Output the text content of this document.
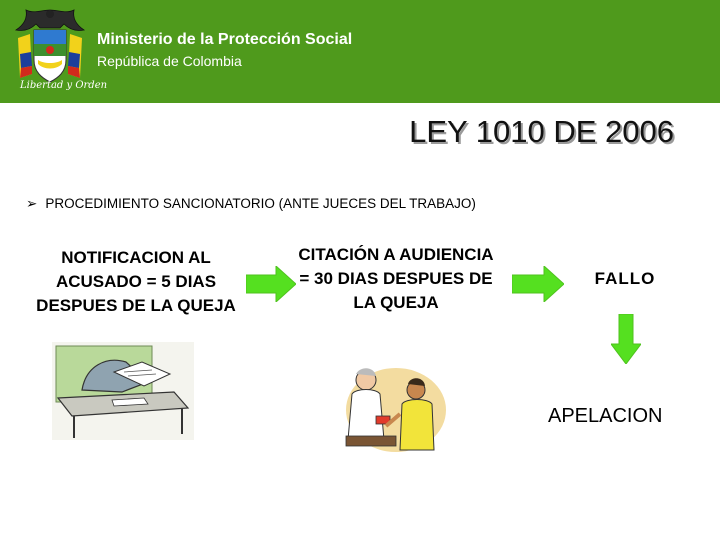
Libertad y Orden
Ministerio de la Protección Social
República de Colombia
LEY 1010 DE 2006
➢ PROCEDIMIENTO SANCIONATORIO (ANTE JUECES DEL TRABAJO)
NOTIFICACION AL ACUSADO = 5 DIAS DESPUES DE LA QUEJA
CITACIÓN A AUDIENCIA = 30 DIAS DESPUES DE LA QUEJA
FALLO
APELACION
